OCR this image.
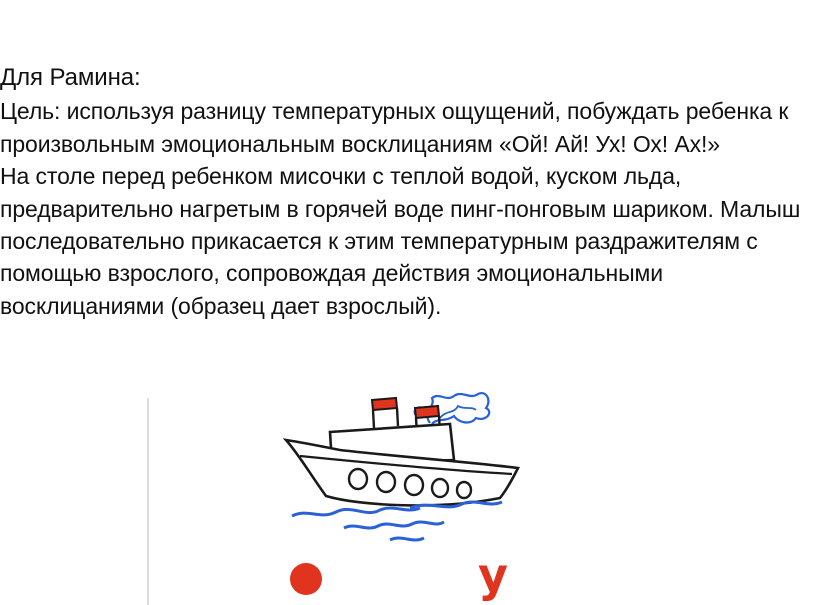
Для Рамина:

Цель: используя разницу температурных ощущений, побуждать ребенка к произвольным эмоциональным восклицаниям «Ой! Ай! Ух! Ох! Ах!»

На столе перед ребенком мисочки с теплой водой, куском льда, предварительно нагретым в горячей воде пинг-понговым шариком. Малыш последовательно прикасается к этим температурным раздражителям с помощью взрослого, сопровождая действия эмоциональными восклицаниями (образец дает взрослый).

у
